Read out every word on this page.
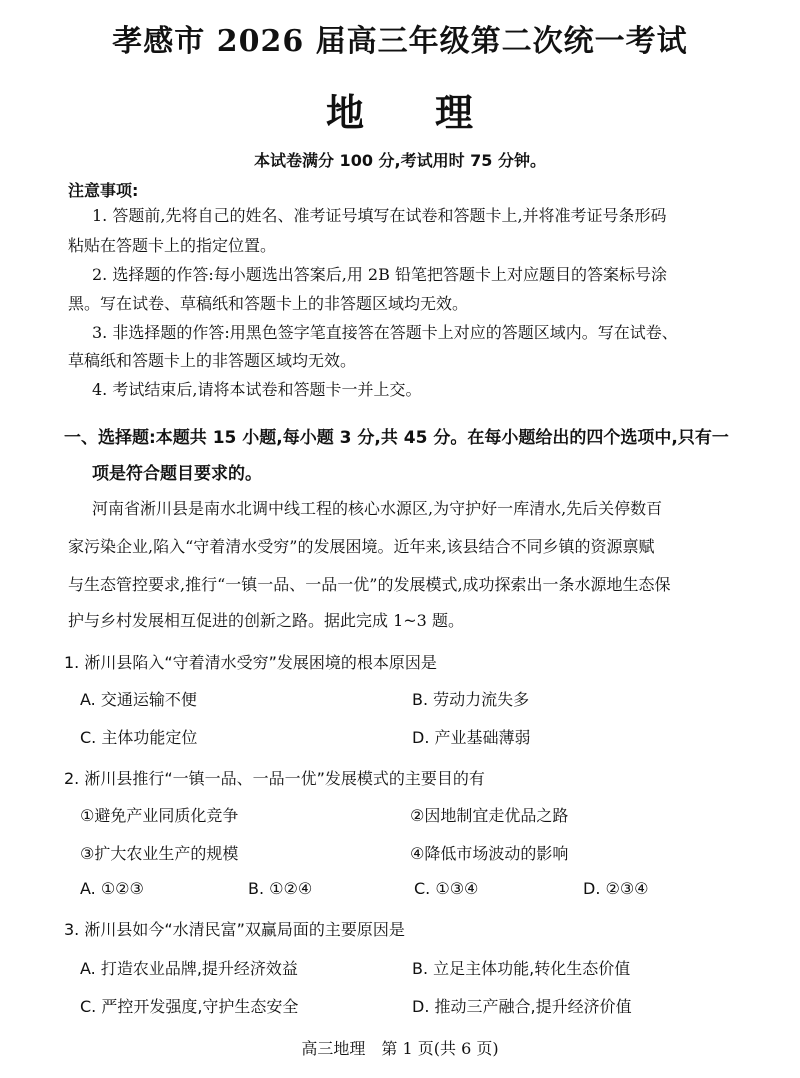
孝感市 2026 届高三年级第二次统一考试
地 理
本试卷满分 100 分,考试用时 75 分钟。
注意事项:
1. 答题前,先将自己的姓名、准考证号填写在试卷和答题卡上,并将准考证号条形码
粘贴在答题卡上的指定位置。
2. 选择题的作答:每小题选出答案后,用 2B 铅笔把答题卡上对应题目的答案标号涂
黑。写在试卷、草稿纸和答题卡上的非答题区域均无效。
3. 非选择题的作答:用黑色签字笔直接答在答题卡上对应的答题区域内。写在试卷、
草稿纸和答题卡上的非答题区域均无效。
4. 考试结束后,请将本试卷和答题卡一并上交。
一、选择题:本题共 15 小题,每小题 3 分,共 45 分。在每小题给出的四个选项中,只有一
项是符合题目要求的。
河南省淅川县是南水北调中线工程的核心水源区,为守护好一库清水,先后关停数百
家污染企业,陷入“守着清水受穷”的发展困境。近年来,该县结合不同乡镇的资源禀赋
与生态管控要求,推行“一镇一品、一品一优”的发展模式,成功探索出一条水源地生态保
护与乡村发展相互促进的创新之路。据此完成 1~3 题。
1. 淅川县陷入“守着清水受穷”发展困境的根本原因是
A. 交通运输不便	B. 劳动力流失多
C. 主体功能定位	D. 产业基础薄弱
2. 淅川县推行“一镇一品、一品一优”发展模式的主要目的有
①避免产业同质化竞争	②因地制宜走优品之路
③扩大农业生产的规模	④降低市场波动的影响
A. ①②③	B. ①②④	C. ①③④	D. ②③④
3. 淅川县如今“水清民富”双赢局面的主要原因是
A. 打造农业品牌,提升经济效益	B. 立足主体功能,转化生态价值
C. 严控开发强度,守护生态安全	D. 推动三产融合,提升经济价值
高三地理　第 1 页(共 6 页)
